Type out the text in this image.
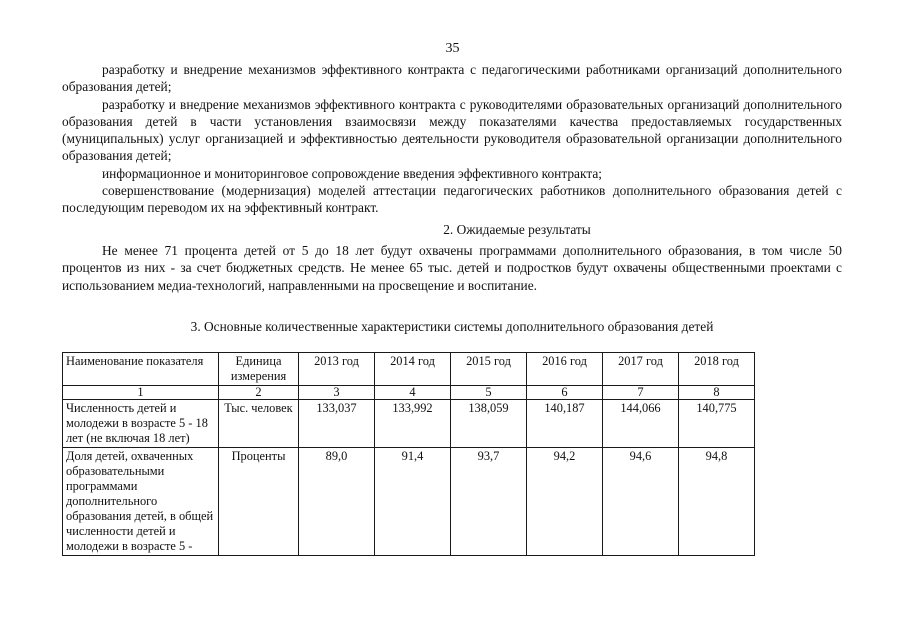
35

разработку и внедрение механизмов эффективного контракта с педагогическими работниками организаций дополнительного образования детей;

разработку и внедрение механизмов эффективного контракта с руководителями образовательных организаций дополнительного образования детей в части установления взаимосвязи между показателями качества предоставляемых государственных (муниципальных) услуг организацией и эффективностью деятельности руководителя образовательной организации дополнительного образования детей;

информационное и мониторинговое сопровождение введения эффективного контракта;

совершенствование (модернизация) моделей аттестации педагогических работников дополнительного образования детей с последующим переводом их на эффективный контракт.

2. Ожидаемые результаты

Не менее 71 процента детей от 5 до 18 лет будут охвачены программами дополнительного образования, в том числе 50 процентов из них - за счет бюджетных средств. Не менее 65 тыс. детей и подростков будут охвачены общественными проектами с использованием медиа-технологий, направленными на просвещение и воспитание.

3. Основные количественные характеристики системы дополнительного образования детей

Наименование показателя	Единица измерения	2013 год	2014 год	2015 год	2016 год	2017 год	2018 год
1	2	3	4	5	6	7	8
Численность детей и молодежи в возрасте 5 - 18 лет (не включая 18 лет)	Тыс. человек	133,037	133,992	138,059	140,187	144,066	140,775
Доля детей, охваченных образовательными программами дополнительного образования детей, в общей численности детей и молодежи в возрасте 5 -	Проценты	89,0	91,4	93,7	94,2	94,6	94,8
